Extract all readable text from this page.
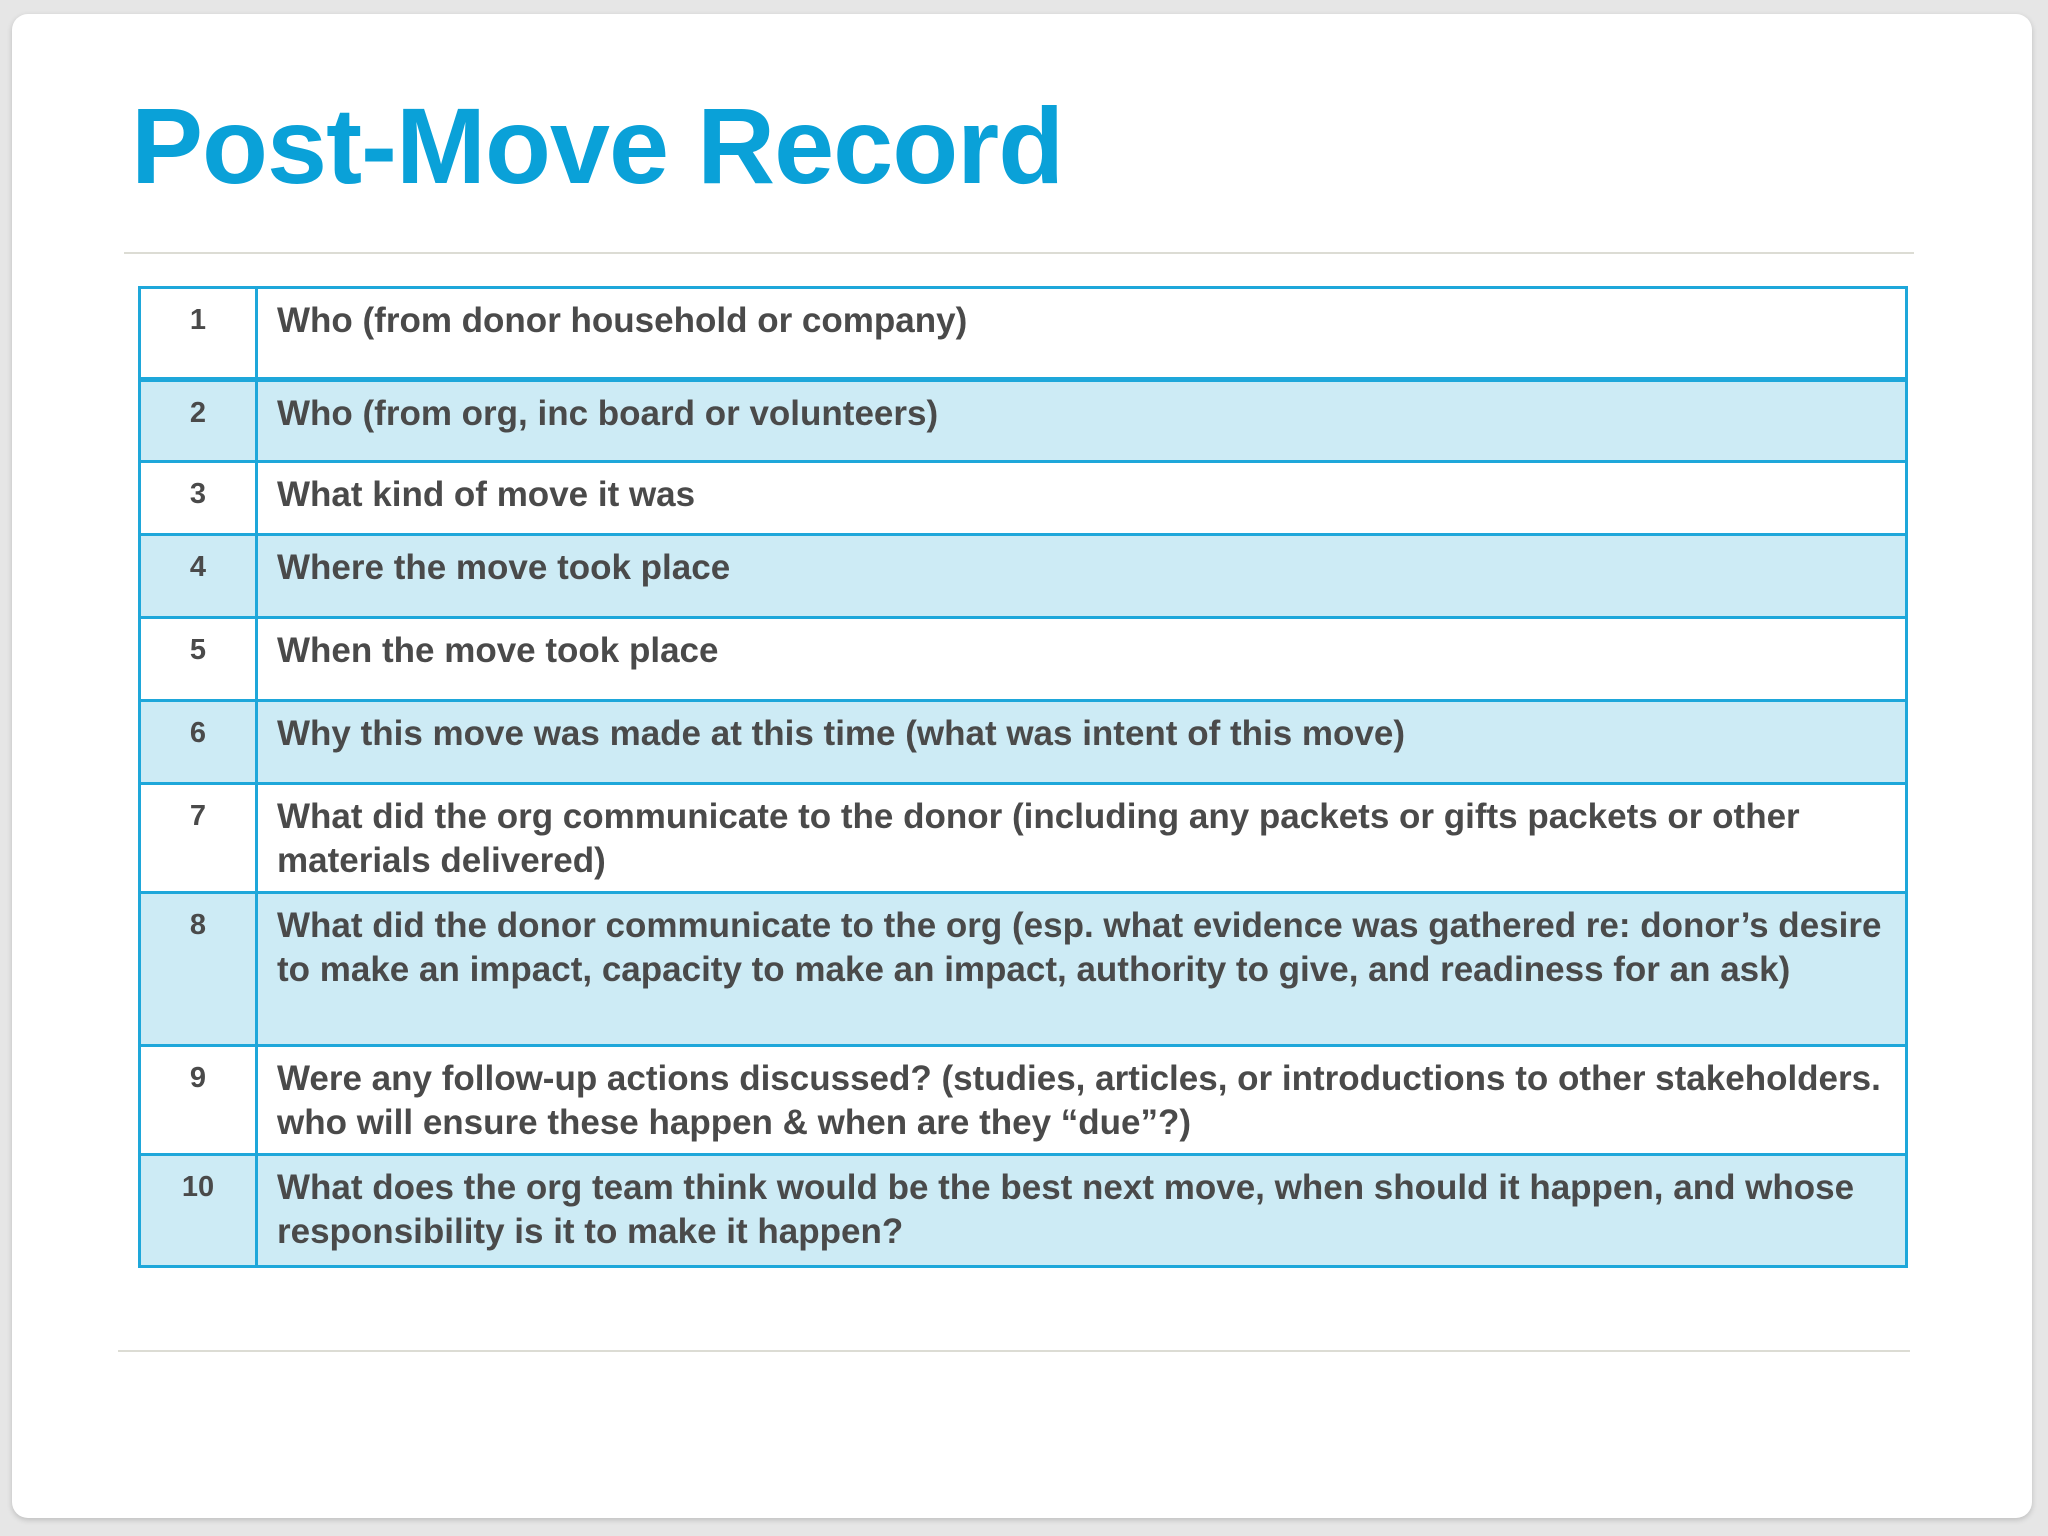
Post-Move Record
1	Who (from donor household or company)
2	Who (from org, inc board or volunteers)
3	What kind of move it was
4	Where the move took place
5	When the move took place
6	Why this move was made at this time (what was intent of this move)
7	What did the org communicate to the donor (including any packets or gifts packets or other materials delivered)
8	What did the donor communicate to the org (esp. what evidence was gathered re: donor’s desire to make an impact, capacity to make an impact, authority to give, and readiness for an ask)
9	Were any follow-up actions discussed? (studies, articles, or introductions to other stakeholders. who will ensure these happen & when are they “due”?)
10	What does the org team think would be the best next move, when should it happen, and whose responsibility is it to make it happen?
